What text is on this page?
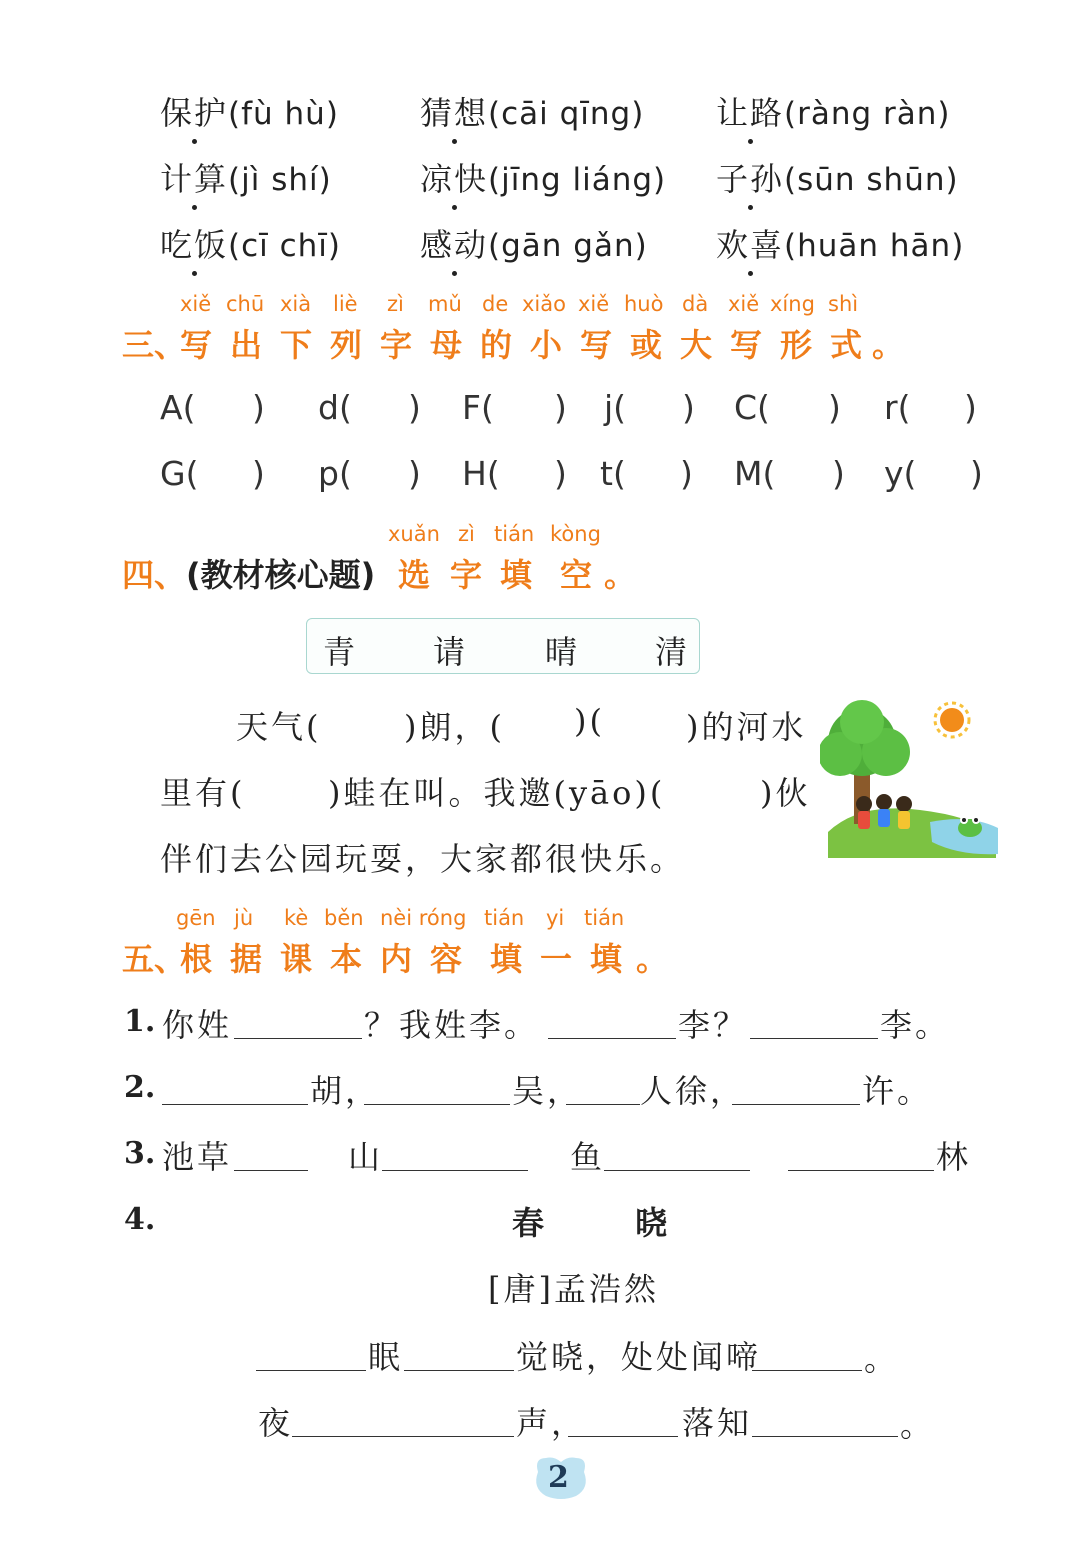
保护(fù hù)	猜想(cāi qīng) 让路(ràng ràn)
计算(jì shí)	凉快(jīng liáng) 子孙(sūn shūn)
吃饭(cī chī) 感动(gān gǎn) 欢喜(huān hān)
xiě chū xià liè zì mǔ de xiǎo xiě huò dà xiě xíng shì
三、
写 出 下 列 字 母 的 小 写 或 大 写 形 式 。
A( ) d( ) F( ) j( ) C( ) r( )
G( ) p( ) H( ) t( ) M( ) y( )
xuǎn zì tián kòng
四、(教材核心题) 选 字 填 空 。
青 请 晴 清
天气(	)朗，( )(	)的河水
里有(	)蛙在叫。我邀(yāo)(	)伙
伴们去公园玩耍，大家都很快乐。
gēn jù kè běn nèi róng tián yi tián
五、
根 据 课 本 内 容 填 一 填 。
1. 你姓	？我姓李。	李？	李。
2.	胡，	吴， 人徐，	许。
3. 池草	山	鱼	林
4.	春 晓
[唐]孟浩然
眠	觉晓，处处闻啼	。
夜	声，	落知	。
2
